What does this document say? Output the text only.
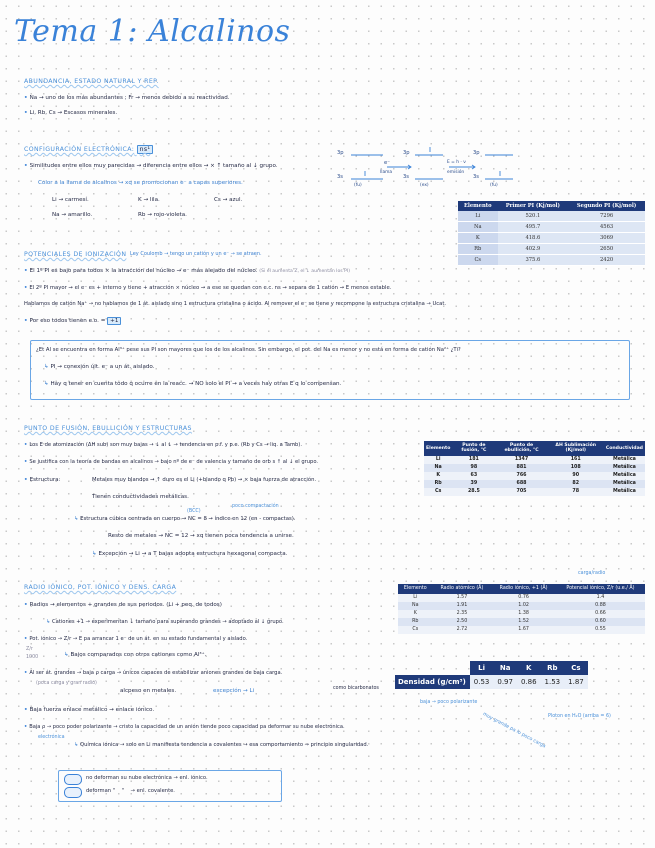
Tema 1: Alcalinos
ABUNDANCIA, ESTADO NATURAL Y REP.
• Na → uno de los más abundantes ; Fr → menos debido a su reactividad.
• Li, Rb, Cs → Escasos minerales.
CONFIGURACIÓN ELECTRÓNICA: ns¹
• Similitudes entre ellos muy parecidas → diferencia entre ellos → × ↑ tamaño al ↓ grupo.
Color a la llama de alcalinos → xq se promocionan e⁻ a capas superiores.
Li → carmesí.	K → lila.	Cs → azul.
Na → amarillo.	Rb → rojo-violeta.
3p
3s
3p
3s
3p
3s
e⁻
llama
(fu)	(ex)
E = h · ν
emisión
(fu)
Elemento	Primer PI (Kj/mol)	Segundo PI (Kj/mol)
Li	520.1	7296
Na	495.7	4563
K	418.6	3069
Rb	402.9	2650
Cs	375.6	2420
POTENCIALES DE IONIZACIÓN Ley Coulomb → tengo un catión y un e⁻ → se atraen.
• El 1º PI es bajo para todos × la atracción del núcleo → e⁻ más alejado del núcleo. (Si el aumenta Z, el ↓ aumentan los PI)
• El 2º PI mayor → el e⁻ es + interno y tiene + atracción × núcleo → a ese se quedan con e.c. ns → separa de 1 catión → E menos estable.
Hablamos de catión Na⁺ → no hablamos de 1 át. aislado sino 1 estructura cristalina o ácido. Al remover el e⁻ se tiene y recompone la estructura cristalina → Ucat.
• Por eso todos tienen e.o. = +1
¿Et Al se encuentra en forma Al³⁺ pese sus PI son mayores que los de los alcalinos. Sin embargo, el pot. del Na es menor y no está en forma de catión Na²⁺ ¿Ti?
↳ PI → conexión últ. e⁻ a un át. aislado.
↳ Hay q tener en cuenta todo q ocurre en la reacc. → NO solo el PI → a veces hay otras E q lo compensan.
PUNTO DE FUSIÓN, EBULLICIÓN Y ESTRUCTURAS
• Los E de atomización (ΔH sub) son muy bajas → ↓ al ↓ → tendencia en p.f. y p.e. (Rb y Cs → liq. a Tamb).
• Se justifica con la teoría de bandas en alcalinos → bajo nº de e⁻ de valencia y tamaño de orb s ↑ al ↓ el grupo.
• Estructura:	Metales muy blandos → ↑ duro es el Li (+blando q Pb) → × baja fuerza de atracción.
Tienen conductividades metálicas.
poco compactación
(BCC)
↳ Estructura cúbica centrada en cuerpo → NC = 8 → índice en 12 (en - compactas).
Resto de metales → NC = 12 → xq tienen poca tendencia a unirse.
↳ Excepción → Li → a T bajas adopta estructura hexagonal compacta.
Elemento	Punto de fusión, °C	Punto de ebullición, °C	ΔH Sublimación (Kj/mol)	Conductividad
Li	181	1347	161	Metálica
Na	98	881	108	Metálica
K	63	766	90	Metálica
Rb	39	688	82	Metálica
Cs	28.5	705	78	Metálica
RADIO IÓNICO, POT. IÓNICO Y DENS. CARGA
• Radios → elementos + grandes de sus periodos. (Li + peq. de todos)
↳ Cationes +1 → experimentan ↓ tamaño para superando grandes → adoptado al ↓ grupo.
• Pot. iónico → Z/r → E pa arrancar 1 e⁻ de un át. en su estado fundamental y aislado.
Z/r
1000	↳ Bajos comparados con otros cationes como Al³⁺.
• Al ser át. grandes → baja ρ carga → únicos capaces de estabilizar aniones grandes de baja carga.
(poca carga y gran radio)
alcpeso en metales.	excepción → Li	como bicarbonatos
• Baja fuerza enlace metálico → enlace iónico.
• Baja ρ → poco poder polarizante → cristo la capacidad de un anión tiende poco capacidad pa deformar su nube electrónica.
electrónica
↳ Química iónica → solo en Li manifiesta tendencia a covalentes → esa comportamiento → principio singularidad.
carga/radio
baja → poco polarizante
muy grande pa lo poco carga Ploton en H₂O (arriba = 6)
Elemento	Radio atómico (Å)	Radio iónico, +1 (Å)	Potencial iónico, Z/r (u.e./ Å)
Li	1.57	0.76	1.4
Na	1.91	1.02	0.88
K	2.35	1.38	0.66
Rb	2.50	1.52	0.60
Cs	2.72	1.67	0.55
	Li	Na	K	Rb	Cs
Densidad (g/cm³)	0.53	0.97	0.86	1.53	1.87
no deforman su nube electrónica → enl. iónico.
deforman "    "    → enl. covalente.
